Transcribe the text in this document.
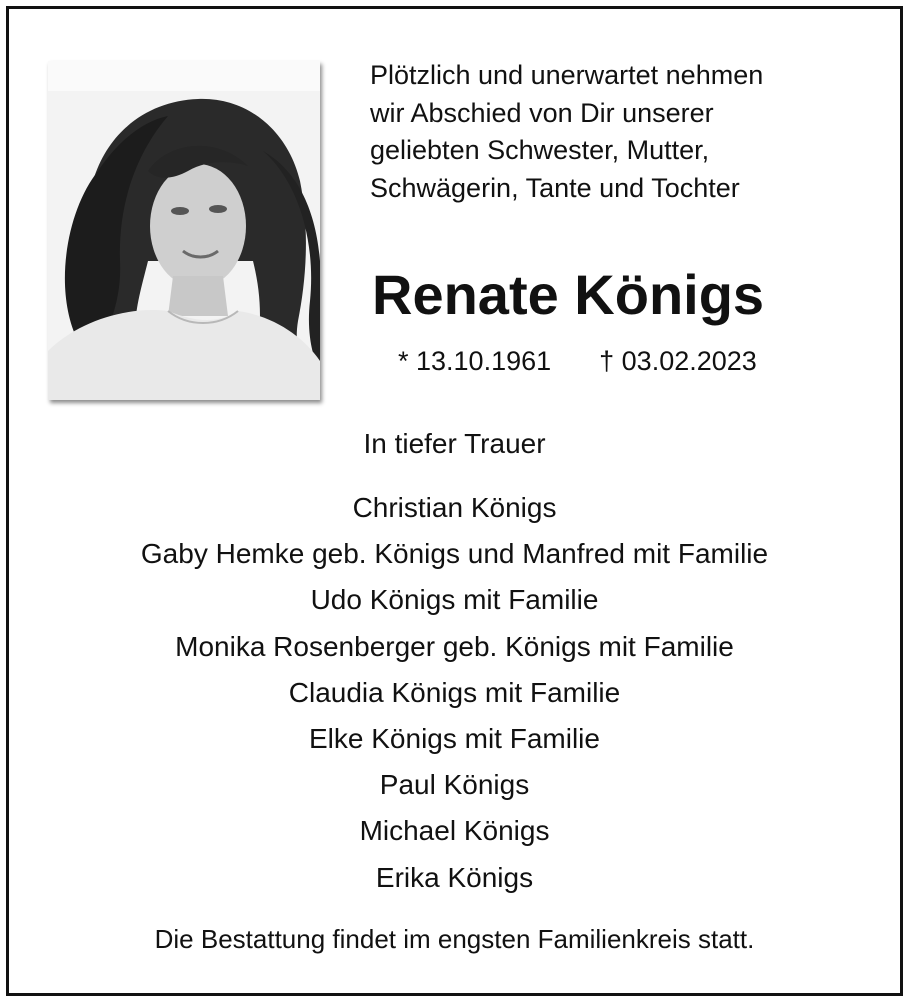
Plötzlich und unerwartet nehmen
wir Abschied von Dir unserer
geliebten Schwester, Mutter,
Schwägerin, Tante und Tochter
Renate Königs
* 13.10.1961 † 03.02.2023
In tiefer Trauer
Christian Königs
Gaby Hemke geb. Königs und Manfred mit Familie
Udo Königs mit Familie
Monika Rosenberger geb. Königs mit Familie
Claudia Königs mit Familie
Elke Königs mit Familie
Paul Königs
Michael Königs
Erika Königs
Die Bestattung findet im engsten Familienkreis statt.
